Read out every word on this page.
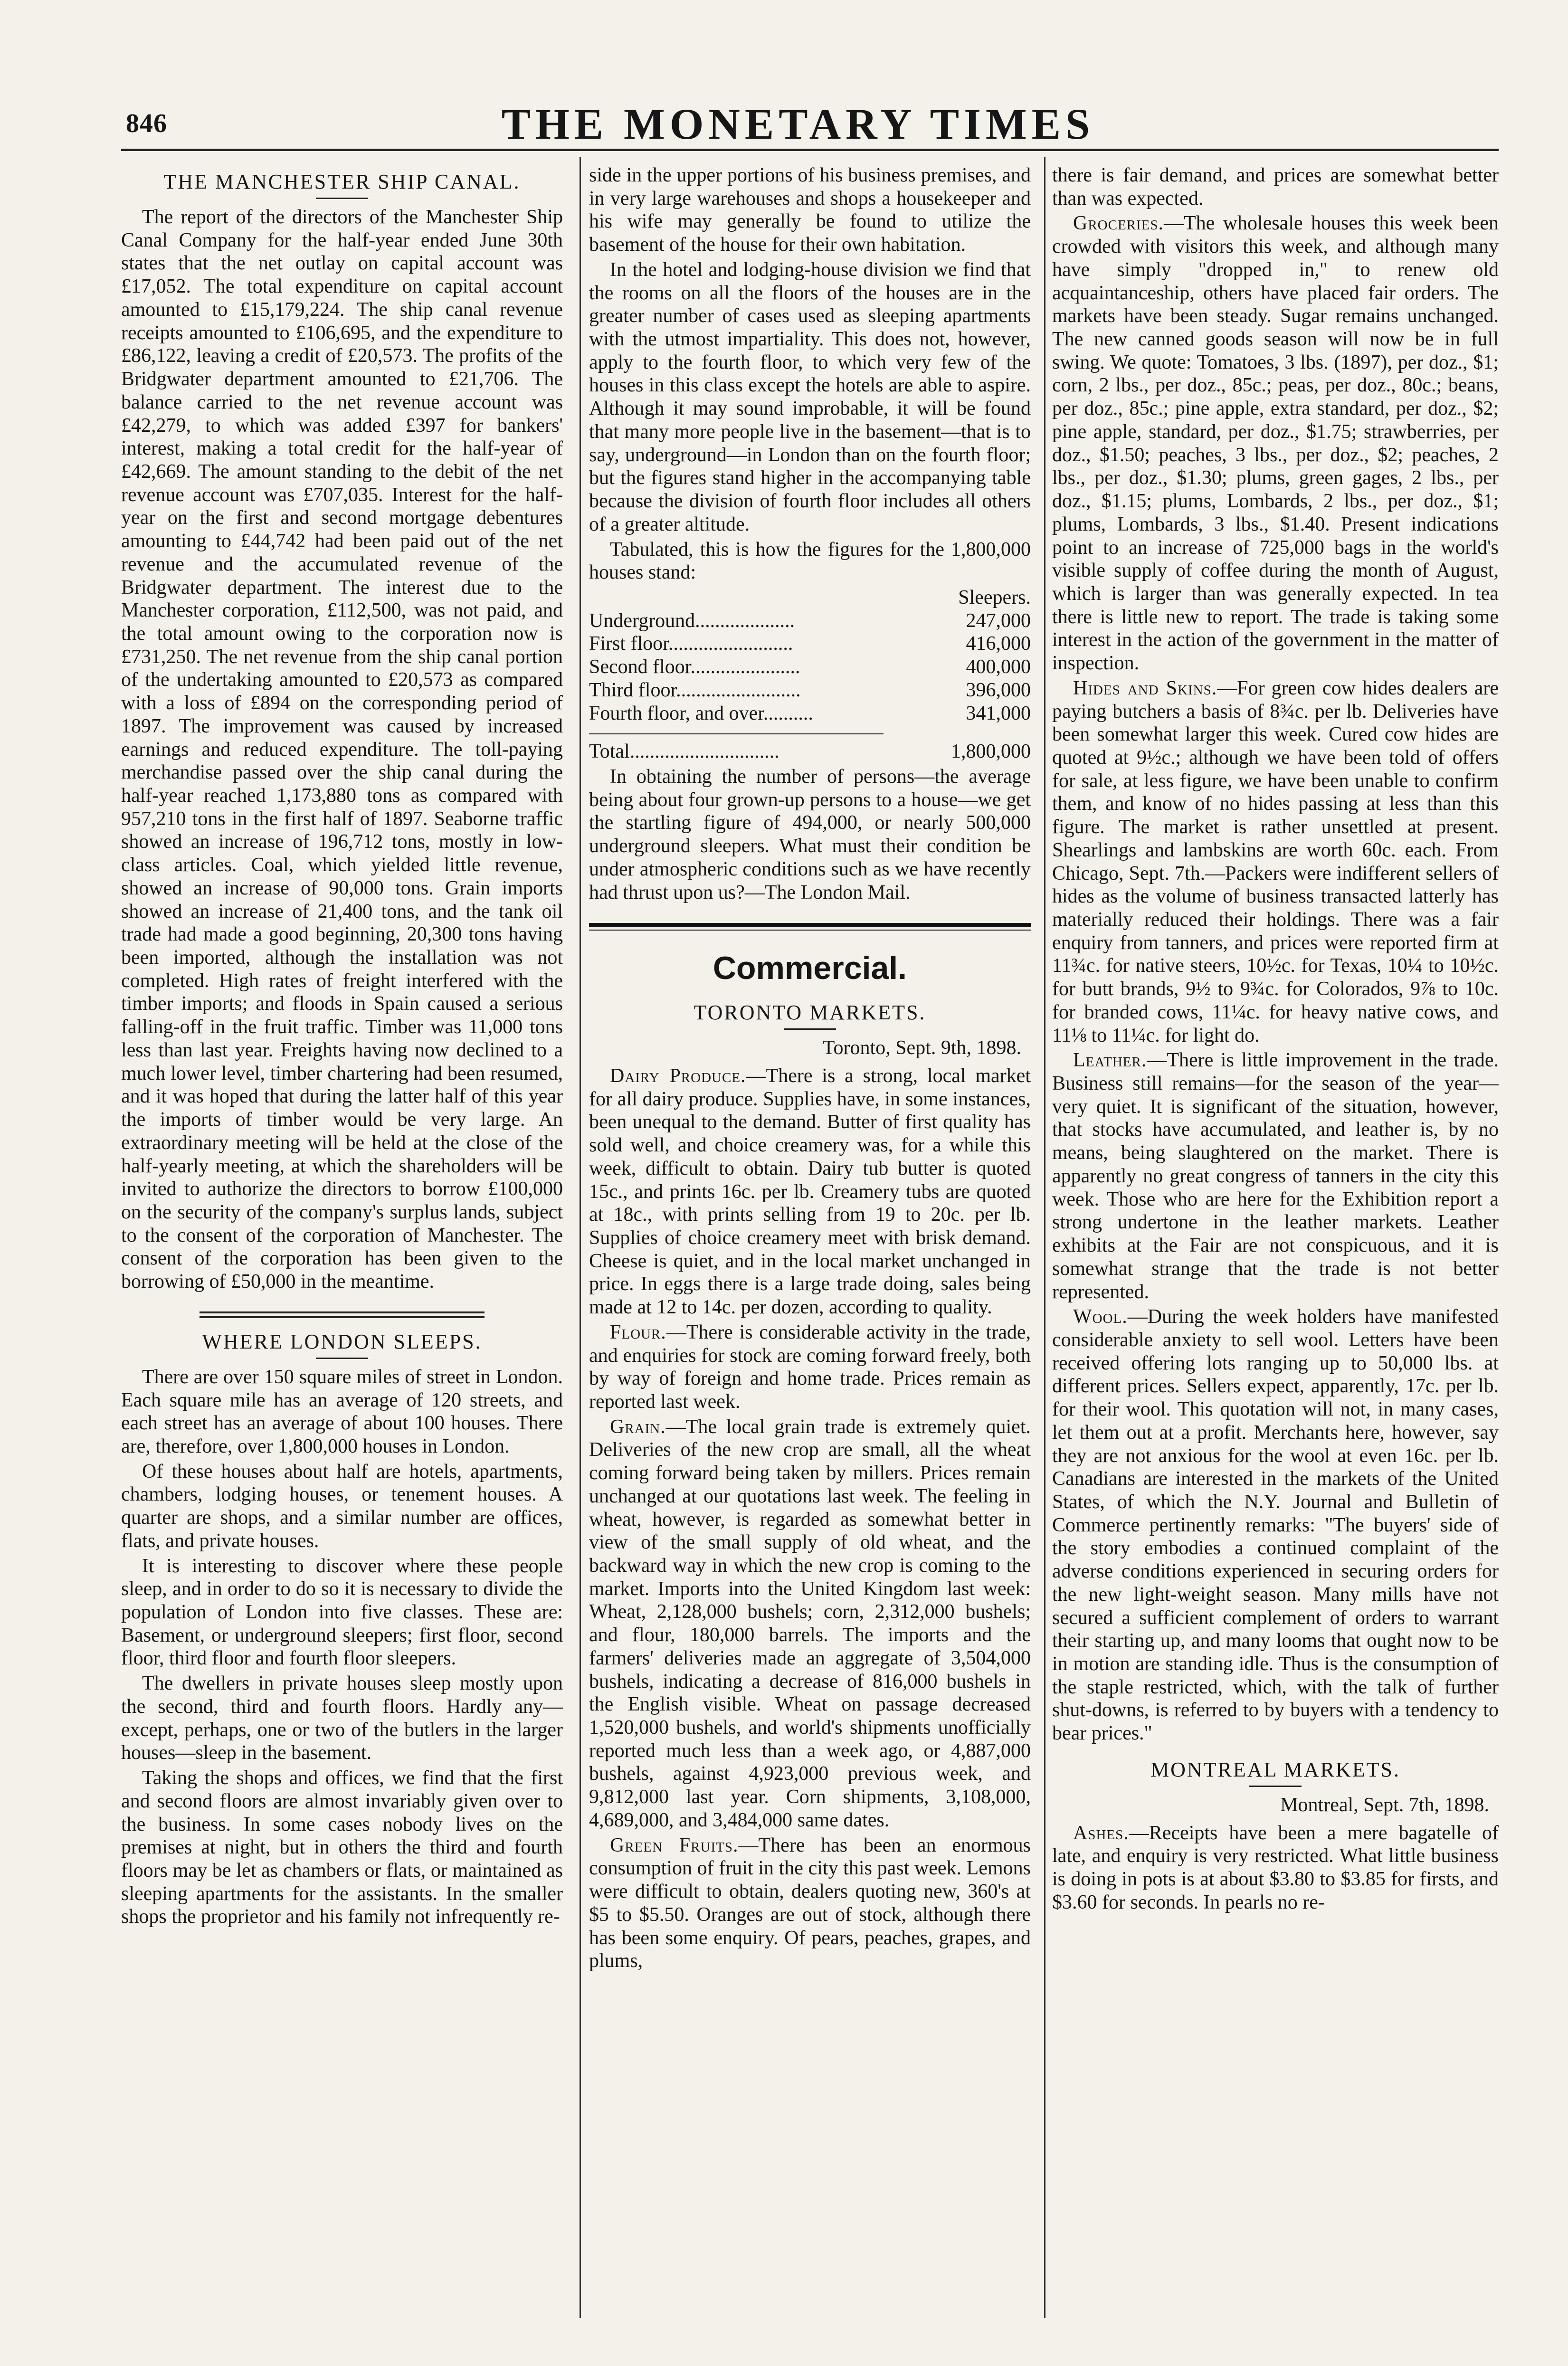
846	THE MONETARY TIMES
THE MANCHESTER SHIP CANAL.

The report of the directors of the Manchester Ship Canal Company for the half-year ended June 30th states that the net outlay on capital account was £17,052. The total expenditure on capital account amounted to £15,179,224. The ship canal revenue receipts amounted to £106,695, and the expenditure to £86,122, leaving a credit of £20,573. The profits of the Bridgwater department amounted to £21,706. The balance carried to the net revenue account was £42,279, to which was added £397 for bankers' interest, making a total credit for the half-year of £42,669. The amount standing to the debit of the net revenue account was £707,035. Interest for the half-year on the first and second mortgage debentures amounting to £44,742 had been paid out of the net revenue and the accumulated revenue of the Bridgwater department. The interest due to the Manchester corporation, £112,500, was not paid, and the total amount owing to the corporation now is £731,250. The net revenue from the ship canal portion of the undertaking amounted to £20,573 as compared with a loss of £894 on the corresponding period of 1897. The improvement was caused by increased earnings and reduced expenditure. The toll-paying merchandise passed over the ship canal during the half-year reached 1,173,880 tons as compared with 957,210 tons in the first half of 1897. Seaborne traffic showed an increase of 196,712 tons, mostly in low-class articles. Coal, which yielded little revenue, showed an increase of 90,000 tons. Grain imports showed an increase of 21,400 tons, and the tank oil trade had made a good beginning, 20,300 tons having been imported, although the installation was not completed. High rates of freight interfered with the timber imports; and floods in Spain caused a serious falling-off in the fruit traffic. Timber was 11,000 tons less than last year. Freights having now declined to a much lower level, timber chartering had been resumed, and it was hoped that during the latter half of this year the imports of timber would be very large. An extraordinary meeting will be held at the close of the half-yearly meeting, at which the shareholders will be invited to authorize the directors to borrow £100,000 on the security of the company's surplus lands, subject to the consent of the corporation of Manchester. The consent of the corporation has been given to the borrowing of £50,000 in the meantime.

WHERE LONDON SLEEPS.

There are over 150 square miles of street in London. Each square mile has an average of 120 streets, and each street has an average of about 100 houses. There are, therefore, over 1,800,000 houses in London.

Of these houses about half are hotels, apartments, chambers, lodging houses, or tenement houses. A quarter are shops, and a similar number are offices, flats, and private houses.

It is interesting to discover where these people sleep, and in order to do so it is necessary to divide the population of London into five classes. These are: Basement, or underground sleepers; first floor, second floor, third floor and fourth floor sleepers.

The dwellers in private houses sleep mostly upon the second, third and fourth floors. Hardly any—except, perhaps, one or two of the butlers in the larger houses—sleep in the basement.

Taking the shops and offices, we find that the first and second floors are almost invariably given over to the business. In some cases nobody lives on the premises at night, but in others the third and fourth floors may be let as chambers or flats, or maintained as sleeping apartments for the assistants. In the smaller shops the proprietor and his family not infrequently re-

side in the upper portions of his business premises, and in very large warehouses and shops a housekeeper and his wife may generally be found to utilize the basement of the house for their own habitation.

In the hotel and lodging-house division we find that the rooms on all the floors of the houses are in the greater number of cases used as sleeping apartments with the utmost impartiality. This does not, however, apply to the fourth floor, to which very few of the houses in this class except the hotels are able to aspire. Although it may sound improbable, it will be found that many more people live in the basement—that is to say, underground—in London than on the fourth floor; but the figures stand higher in the accompanying table because the division of fourth floor includes all others of a greater altitude.

Tabulated, this is how the figures for the 1,800,000 houses stand:

	Sleepers.
Underground....................	247,000
First floor.........................	416,000
Second floor......................	400,000
Third floor.........................	396,000
Fourth floor, and over..........	341,000
Total..............................	1,800,000

In obtaining the number of persons—the average being about four grown-up persons to a house—we get the startling figure of 494,000, or nearly 500,000 underground sleepers. What must their condition be under atmospheric conditions such as we have recently had thrust upon us?—The London Mail.

Commercial.
TORONTO MARKETS.
Toronto, Sept. 9th, 1898.

Dairy Produce.—There is a strong, local market for all dairy produce. Supplies have, in some instances, been unequal to the demand. Butter of first quality has sold well, and choice creamery was, for a while this week, difficult to obtain. Dairy tub butter is quoted 15c., and prints 16c. per lb. Creamery tubs are quoted at 18c., with prints selling from 19 to 20c. per lb. Supplies of choice creamery meet with brisk demand. Cheese is quiet, and in the local market unchanged in price. In eggs there is a large trade doing, sales being made at 12 to 14c. per dozen, according to quality.

Flour.—There is considerable activity in the trade, and enquiries for stock are coming forward freely, both by way of foreign and home trade. Prices remain as reported last week.

Grain.—The local grain trade is extremely quiet. Deliveries of the new crop are small, all the wheat coming forward being taken by millers. Prices remain unchanged at our quotations last week. The feeling in wheat, however, is regarded as somewhat better in view of the small supply of old wheat, and the backward way in which the new crop is coming to the market. Imports into the United Kingdom last week: Wheat, 2,128,000 bushels; corn, 2,312,000 bushels; and flour, 180,000 barrels. The imports and the farmers' deliveries made an aggregate of 3,504,000 bushels, indicating a decrease of 816,000 bushels in the English visible. Wheat on passage decreased 1,520,000 bushels, and world's shipments unofficially reported much less than a week ago, or 4,887,000 bushels, against 4,923,000 previous week, and 9,812,000 last year. Corn shipments, 3,108,000, 4,689,000, and 3,484,000 same dates.

Green Fruits.—There has been an enormous consumption of fruit in the city this past week. Lemons were difficult to obtain, dealers quoting new, 360's at $5 to $5.50. Oranges are out of stock, although there has been some enquiry. Of pears, peaches, grapes, and plums,

there is fair demand, and prices are somewhat better than was expected.

Groceries.—The wholesale houses this week been crowded with visitors this week, and although many have simply "dropped in," to renew old acquaintanceship, others have placed fair orders. The markets have been steady. Sugar remains unchanged. The new canned goods season will now be in full swing. We quote: Tomatoes, 3 lbs. (1897), per doz., $1; corn, 2 lbs., per doz., 85c.; peas, per doz., 80c.; beans, per doz., 85c.; pine apple, extra standard, per doz., $2; pine apple, standard, per doz., $1.75; strawberries, per doz., $1.50; peaches, 3 lbs., per doz., $2; peaches, 2 lbs., per doz., $1.30; plums, green gages, 2 lbs., per doz., $1.15; plums, Lombards, 2 lbs., per doz., $1; plums, Lombards, 3 lbs., $1.40. Present indications point to an increase of 725,000 bags in the world's visible supply of coffee during the month of August, which is larger than was generally expected. In tea there is little new to report. The trade is taking some interest in the action of the government in the matter of inspection.

Hides and Skins.—For green cow hides dealers are paying butchers a basis of 8¾c. per lb. Deliveries have been somewhat larger this week. Cured cow hides are quoted at 9½c.; although we have been told of offers for sale, at less figure, we have been unable to confirm them, and know of no hides passing at less than this figure. The market is rather unsettled at present. Shearlings and lambskins are worth 60c. each. From Chicago, Sept. 7th.—Packers were indifferent sellers of hides as the volume of business transacted latterly has materially reduced their holdings. There was a fair enquiry from tanners, and prices were reported firm at 11¾c. for native steers, 10½c. for Texas, 10¼ to 10½c. for butt brands, 9½ to 9¾c. for Colorados, 9⅞ to 10c. for branded cows, 11¼c. for heavy native cows, and 11⅛ to 11¼c. for light do.

Leather.—There is little improvement in the trade. Business still remains—for the season of the year—very quiet. It is significant of the situation, however, that stocks have accumulated, and leather is, by no means, being slaughtered on the market. There is apparently no great congress of tanners in the city this week. Those who are here for the Exhibition report a strong undertone in the leather markets. Leather exhibits at the Fair are not conspicuous, and it is somewhat strange that the trade is not better represented.

Wool.—During the week holders have manifested considerable anxiety to sell wool. Letters have been received offering lots ranging up to 50,000 lbs. at different prices. Sellers expect, apparently, 17c. per lb. for their wool. This quotation will not, in many cases, let them out at a profit. Merchants here, however, say they are not anxious for the wool at even 16c. per lb. Canadians are interested in the markets of the United States, of which the N.Y. Journal and Bulletin of Commerce pertinently remarks: "The buyers' side of the story embodies a continued complaint of the adverse conditions experienced in securing orders for the new light-weight season. Many mills have not secured a sufficient complement of orders to warrant their starting up, and many looms that ought now to be in motion are standing idle. Thus is the consumption of the staple restricted, which, with the talk of further shut-downs, is referred to by buyers with a tendency to bear prices."

MONTREAL MARKETS.
Montreal, Sept. 7th, 1898.

Ashes.—Receipts have been a mere bagatelle of late, and enquiry is very restricted. What little business is doing in pots is at about $3.80 to $3.85 for firsts, and $3.60 for seconds. In pearls no re-
